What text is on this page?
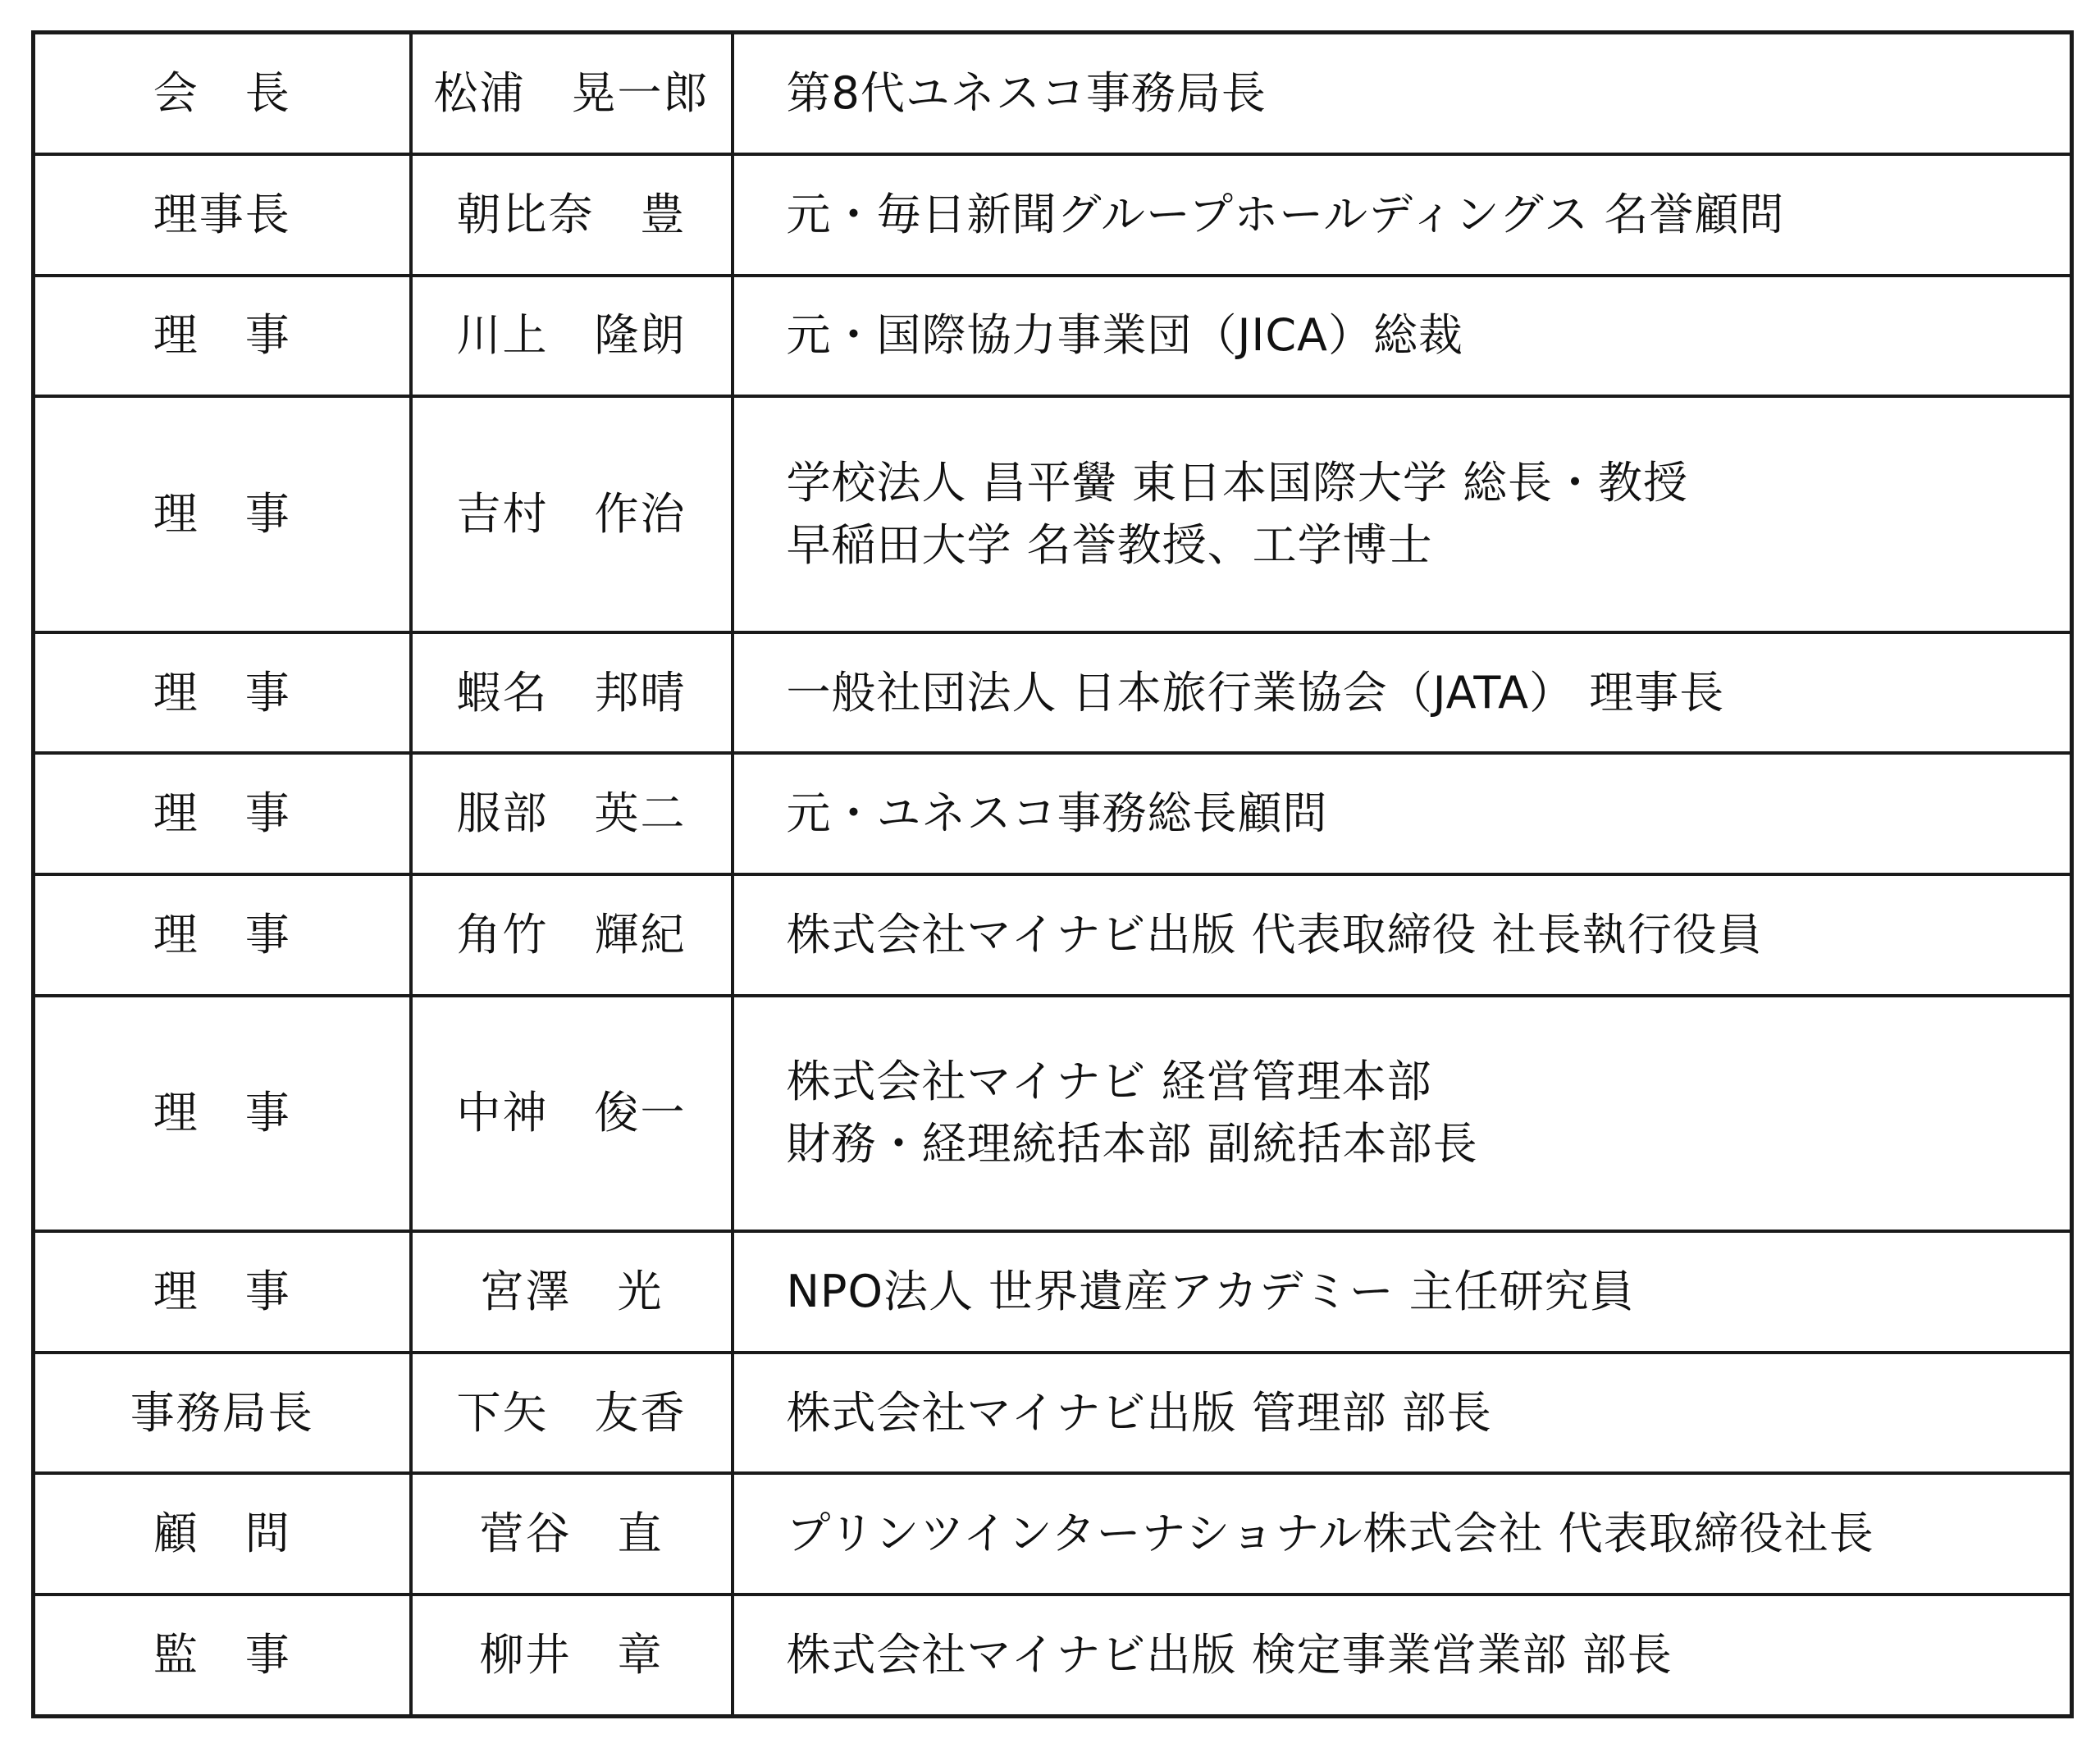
会　長	松浦　晃一郎	第8代ユネスコ事務局長

理事長	朝比奈　豊	元・毎日新聞グループホールディングス 名誉顧問

理　事	川上　隆朗	元・国際協力事業団（JICA）総裁

理　事	吉村　作治	学校法人 昌平黌 東日本国際大学 総長・教授
早稲田大学 名誉教授、工学博士

理　事	蝦名　邦晴	一般社団法人 日本旅行業協会（JATA） 理事長

理　事	服部　英二	元・ユネスコ事務総長顧問

理　事	角竹　輝紀	株式会社マイナビ出版 代表取締役 社長執行役員

理　事	中神　俊一	株式会社マイナビ 経営管理本部
財務・経理統括本部 副統括本部長

理　事	宮澤　光	NPO法人 世界遺産アカデミー 主任研究員

事務局長	下矢　友香	株式会社マイナビ出版 管理部 部長

顧　問	菅谷　直	プリンツインターナショナル株式会社 代表取締役社長

監　事	柳井　章	株式会社マイナビ出版 検定事業営業部 部長
